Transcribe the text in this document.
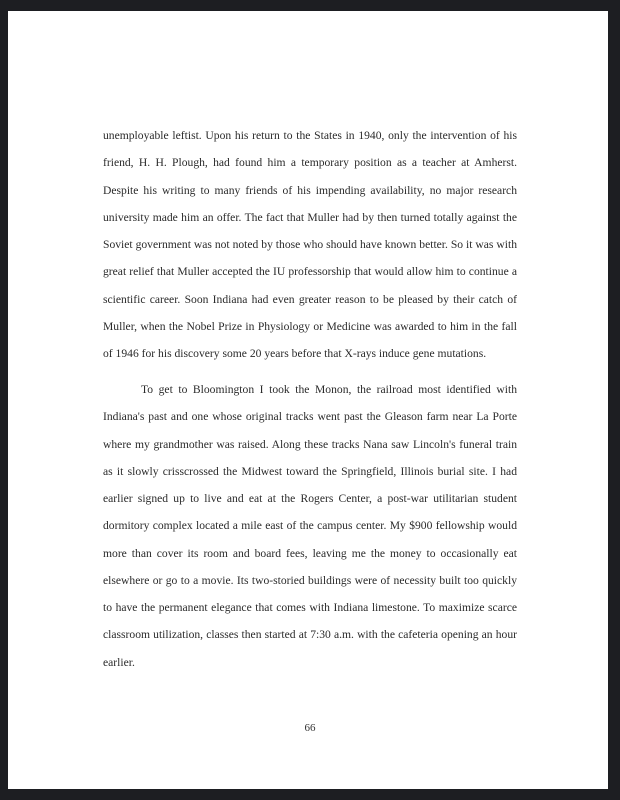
unemployable leftist. Upon his return to the States in 1940, only the intervention of his
friend, H. H. Plough, had found him a temporary position as a teacher at Amherst.
Despite his writing to many friends of his impending availability, no major research
university made him an offer. The fact that Muller had by then turned totally against the
Soviet government was not noted by those who should have known better. So it was with
great relief that Muller accepted the IU professorship that would allow him to continue a
scientific career. Soon Indiana had even greater reason to be pleased by their catch of
Muller, when the Nobel Prize in Physiology or Medicine was awarded to him in the fall
of 1946 for his discovery some 20 years before that X-rays induce gene mutations.
To get to Bloomington I took the Monon, the railroad most identified with
Indiana's past and one whose original tracks went past the Gleason farm near La Porte
where my grandmother was raised. Along these tracks Nana saw Lincoln's funeral train
as it slowly crisscrossed the Midwest toward the Springfield, Illinois burial site. I had
earlier signed up to live and eat at the Rogers Center, a post-war utilitarian student
dormitory complex located a mile east of the campus center. My $900 fellowship would
more than cover its room and board fees, leaving me the money to occasionally eat
elsewhere or go to a movie. Its two-storied buildings were of necessity built too quickly
to have the permanent elegance that comes with Indiana limestone. To maximize scarce
classroom utilization, classes then started at 7:30 a.m. with the cafeteria opening an hour
earlier.
66
